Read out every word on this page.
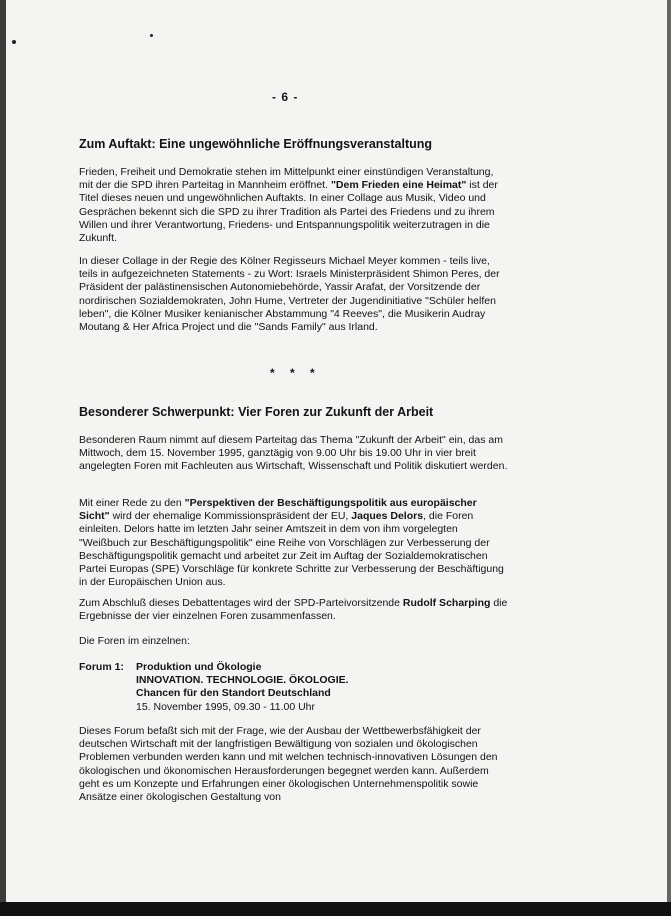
- 6 -
Zum Auftakt: Eine ungewöhnliche Eröffnungsveranstaltung

Frieden, Freiheit und Demokratie stehen im Mittelpunkt einer einstündigen Veranstaltung, mit der die SPD ihren Parteitag in Mannheim eröffnet. "Dem Frieden eine Heimat" ist der Titel dieses neuen und ungewöhnlichen Auftakts. In einer Collage aus Musik, Video und Gesprächen bekennt sich die SPD zu ihrer Tradition als Partei des Friedens und zu ihrem Willen und ihrer Verantwortung, Friedens- und Entspannungspolitik weiterzutragen in die Zukunft.

In dieser Collage in der Regie des Kölner Regisseurs Michael Meyer kommen - teils live, teils in aufgezeichneten Statements - zu Wort: Israels Ministerpräsident Shimon Peres, der Präsident der palästinensischen Autonomiebehörde, Yassir Arafat, der Vorsitzende der nordirischen Sozialdemokraten, John Hume, Vertreter der Jugendinitiative "Schüler helfen leben", die Kölner Musiker kenianischer Abstammung "4 Reeves", die Musikerin Audray Moutang & Her Africa Project und die "Sands Family" aus Irland.

* * *
Besonderer Schwerpunkt: Vier Foren zur Zukunft der Arbeit

Besonderen Raum nimmt auf diesem Parteitag das Thema "Zukunft der Arbeit" ein, das am Mittwoch, dem 15. November 1995, ganztägig von 9.00 Uhr bis 19.00 Uhr in vier breit angelegten Foren mit Fachleuten aus Wirtschaft, Wissenschaft und Politik diskutiert werden.

Mit einer Rede zu den "Perspektiven der Beschäftigungspolitik aus europäischer Sicht" wird der ehemalige Kommissionspräsident der EU, Jaques Delors, die Foren einleiten. Delors hatte im letzten Jahr seiner Amtszeit in dem von ihm vorgelegten "Weißbuch zur Beschäftigungspolitik" eine Reihe von Vorschlägen zur Verbesserung der Beschäftigungspolitik gemacht und arbeitet zur Zeit im Auftag der Sozialdemokratischen Partei Europas (SPE) Vorschläge für konkrete Schritte zur Verbesserung der Beschäftigung in der Europäischen Union aus.

Zum Abschluß dieses Debattentages wird der SPD-Parteivorsitzende Rudolf Scharping die Ergebnisse der vier einzelnen Foren zusammenfassen.

Die Foren im einzelnen:

Forum 1: Produktion und Ökologie
INNOVATION. TECHNOLOGIE. ÖKOLOGIE.
Chancen für den Standort Deutschland
15. November 1995, 09.30 - 11.00 Uhr

Dieses Forum befaßt sich mit der Frage, wie der Ausbau der Wettbewerbsfähigkeit der deutschen Wirtschaft mit der langfristigen Bewältigung von sozialen und ökologischen Problemen verbunden werden kann und mit welchen technisch-innovativen Lösungen den ökologischen und ökonomischen Herausforderungen begegnet werden kann. Außerdem geht es um Konzepte und Erfahrungen einer ökologischen Unternehmenspolitik sowie Ansätze einer ökologischen Gestaltung von
